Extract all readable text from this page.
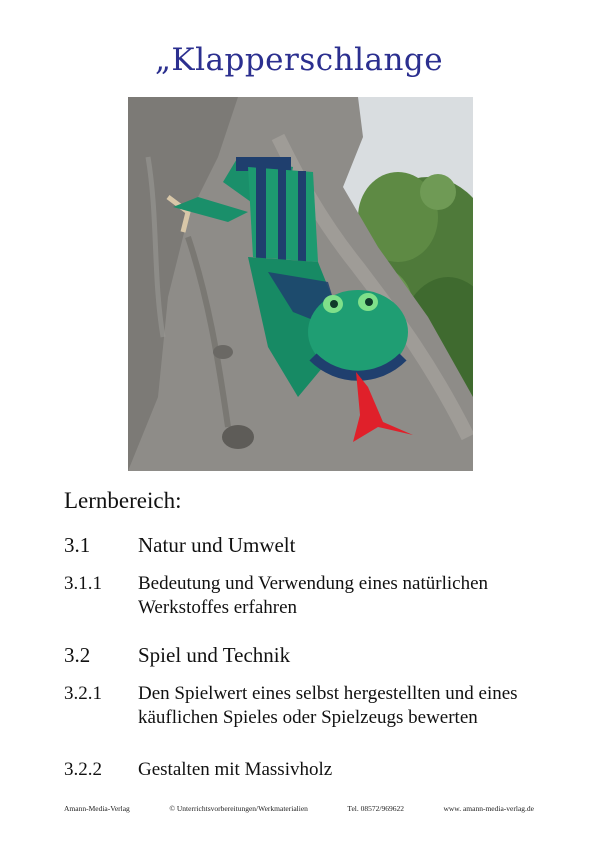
„Klapperschlange
Lernbereich:
3.1	Natur und Umwelt
3.1.1	Bedeutung und Verwendung eines natürlichen Werkstoffes erfahren
3.2	Spiel und Technik
3.2.1	Den Spielwert eines selbst hergestellten und eines käuflichen Spieles oder Spielzeugs bewerten
3.2.2	Gestalten mit Massivholz
Amann-Media-Verlag	© Unterrichtsvorbereitungen/Werkmaterialien	Tel. 08572/969622	www. amann-media-verlag.de
